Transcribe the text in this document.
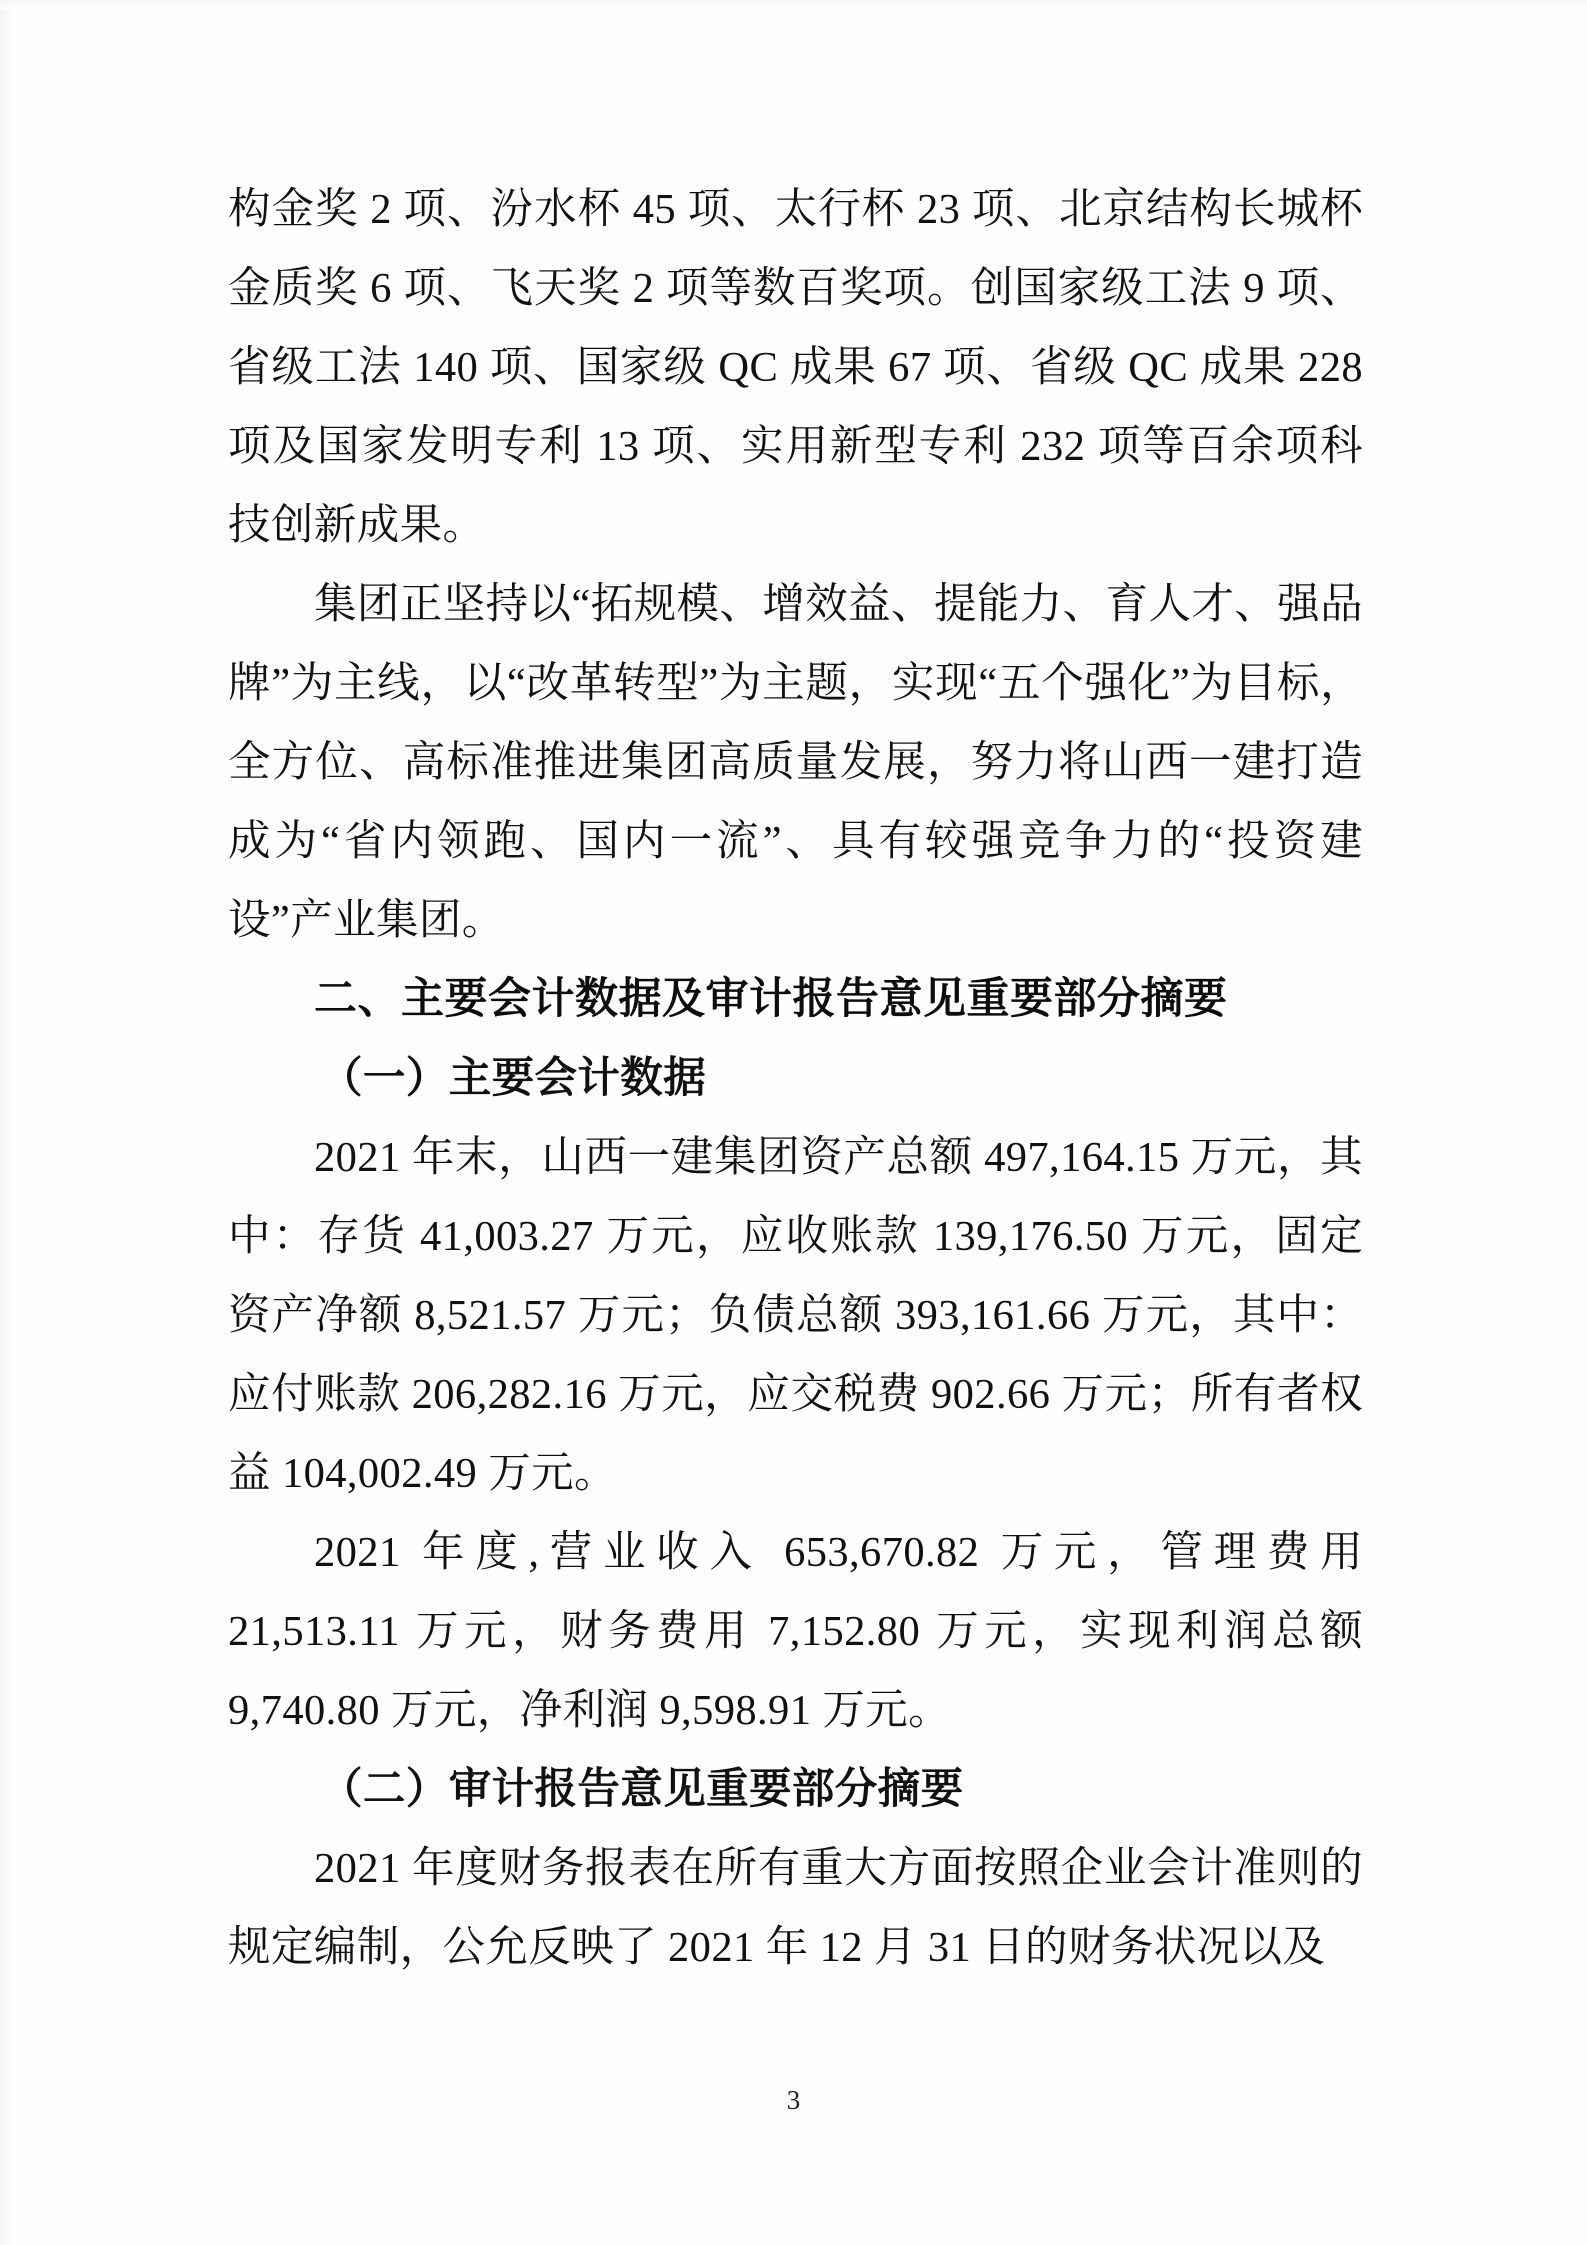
构金奖 2 项、汾水杯 45 项、太行杯 23 项、北京结构长城杯金质奖 6 项、飞天奖 2 项等数百奖项。创国家级工法 9 项、省级工法 140 项、国家级 QC 成果 67 项、省级 QC 成果 228 项及国家发明专利 13 项、实用新型专利 232 项等百余项科技创新成果。

集团正坚持以“拓规模、增效益、提能力、育人才、强品牌”为主线，以“改革转型”为主题，实现“五个强化”为目标，全方位、高标准推进集团高质量发展，努力将山西一建打造成为“省内领跑、国内一流”、具有较强竞争力的“投资建设”产业集团。

二、主要会计数据及审计报告意见重要部分摘要
（一）主要会计数据

2021 年末，山西一建集团资产总额 497,164.15 万元，其中：存货 41,003.27 万元，应收账款 139,176.50 万元，固定资产净额 8,521.57 万元；负债总额 393,161.66 万元，其中：应付账款 206,282.16 万元，应交税费 902.66 万元；所有者权益 104,002.49 万元。

2021 年度,营业收入 653,670.82 万元，管理费用 21,513.11 万元，财务费用 7,152.80 万元，实现利润总额 9,740.80 万元，净利润 9,598.91 万元。

（二）审计报告意见重要部分摘要

2021 年度财务报表在所有重大方面按照企业会计准则的规定编制，公允反映了 2021 年 12 月 31 日的财务状况以及

3
